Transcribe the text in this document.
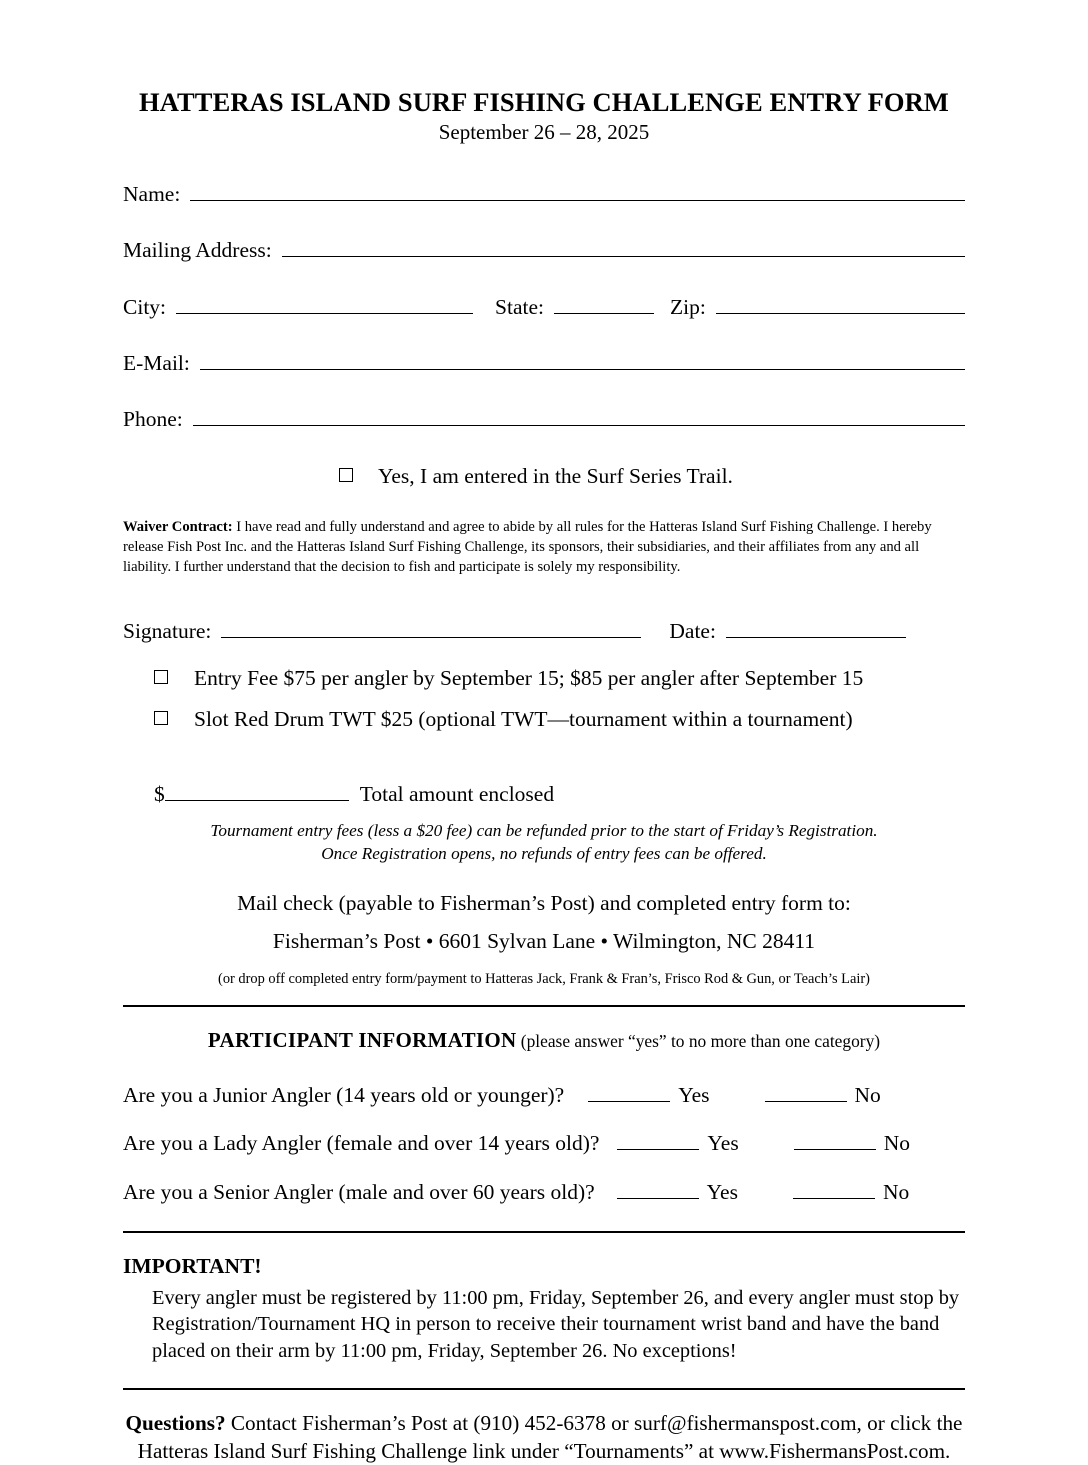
HATTERAS ISLAND SURF FISHING CHALLENGE ENTRY FORM
September 26 – 28, 2025
Name:
Mailing Address:
City:	State:	Zip:
E-Mail:
Phone:
Yes, I am entered in the Surf Series Trail.
Waiver Contract: I have read and fully understand and agree to abide by all rules for the Hatteras Island Surf Fishing Challenge. I hereby release Fish Post Inc. and the Hatteras Island Surf Fishing Challenge, its sponsors, their subsidiaries, and their affiliates from any and all liability. I further understand that the decision to fish and participate is solely my responsibility.
Signature:	Date:
Entry Fee $75 per angler by September 15; $85 per angler after September 15
Slot Red Drum TWT $25 (optional TWT—tournament within a tournament)
$	Total amount enclosed
Tournament entry fees (less a $20 fee) can be refunded prior to the start of Friday’s Registration.
Once Registration opens, no refunds of entry fees can be offered.
Mail check (payable to Fisherman’s Post) and completed entry form to:
Fisherman’s Post • 6601 Sylvan Lane • Wilmington, NC 28411
(or drop off completed entry form/payment to Hatteras Jack, Frank & Fran’s, Frisco Rod & Gun, or Teach’s Lair)
PARTICIPANT INFORMATION (please answer “yes” to no more than one category)
Are you a Junior Angler (14 years old or younger)?	Yes	No
Are you a Lady Angler (female and over 14 years old)?	Yes	No
Are you a Senior Angler (male and over 60 years old)?	Yes	No
IMPORTANT!
Every angler must be registered by 11:00 pm, Friday, September 26, and every angler must stop by Registration/Tournament HQ in person to receive their tournament wrist band and have the band placed on their arm by 11:00 pm, Friday, September 26. No exceptions!
Questions? Contact Fisherman’s Post at (910) 452-6378 or surf@fishermanspost.com, or click the Hatteras Island Surf Fishing Challenge link under “Tournaments” at www.FishermansPost.com.
